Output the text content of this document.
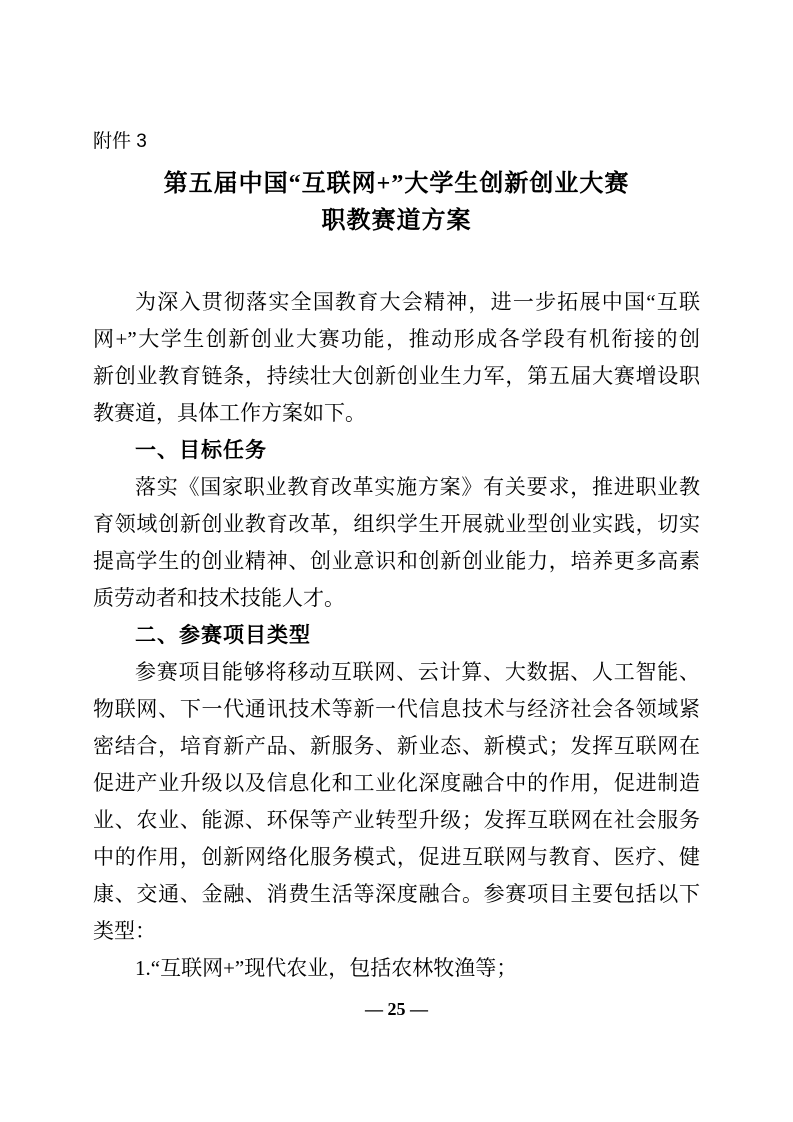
附件 3
第五届中国“互联网+”大学生创新创业大赛
职教赛道方案
为深入贯彻落实全国教育大会精神，进一步拓展中国“互联
网+”大学生创新创业大赛功能，推动形成各学段有机衔接的创
新创业教育链条，持续壮大创新创业生力军，第五届大赛增设职
教赛道，具体工作方案如下。
一、目标任务
落实《国家职业教育改革实施方案》有关要求，推进职业教
育领域创新创业教育改革，组织学生开展就业型创业实践，切实
提高学生的创业精神、创业意识和创新创业能力，培养更多高素
质劳动者和技术技能人才。
二、参赛项目类型
参赛项目能够将移动互联网、云计算、大数据、人工智能、
物联网、下一代通讯技术等新一代信息技术与经济社会各领域紧
密结合，培育新产品、新服务、新业态、新模式；发挥互联网在
促进产业升级以及信息化和工业化深度融合中的作用，促进制造
业、农业、能源、环保等产业转型升级；发挥互联网在社会服务
中的作用，创新网络化服务模式，促进互联网与教育、医疗、健
康、交通、金融、消费生活等深度融合。参赛项目主要包括以下
类型：
1.“互联网+”现代农业，包括农林牧渔等；
— 25 —
